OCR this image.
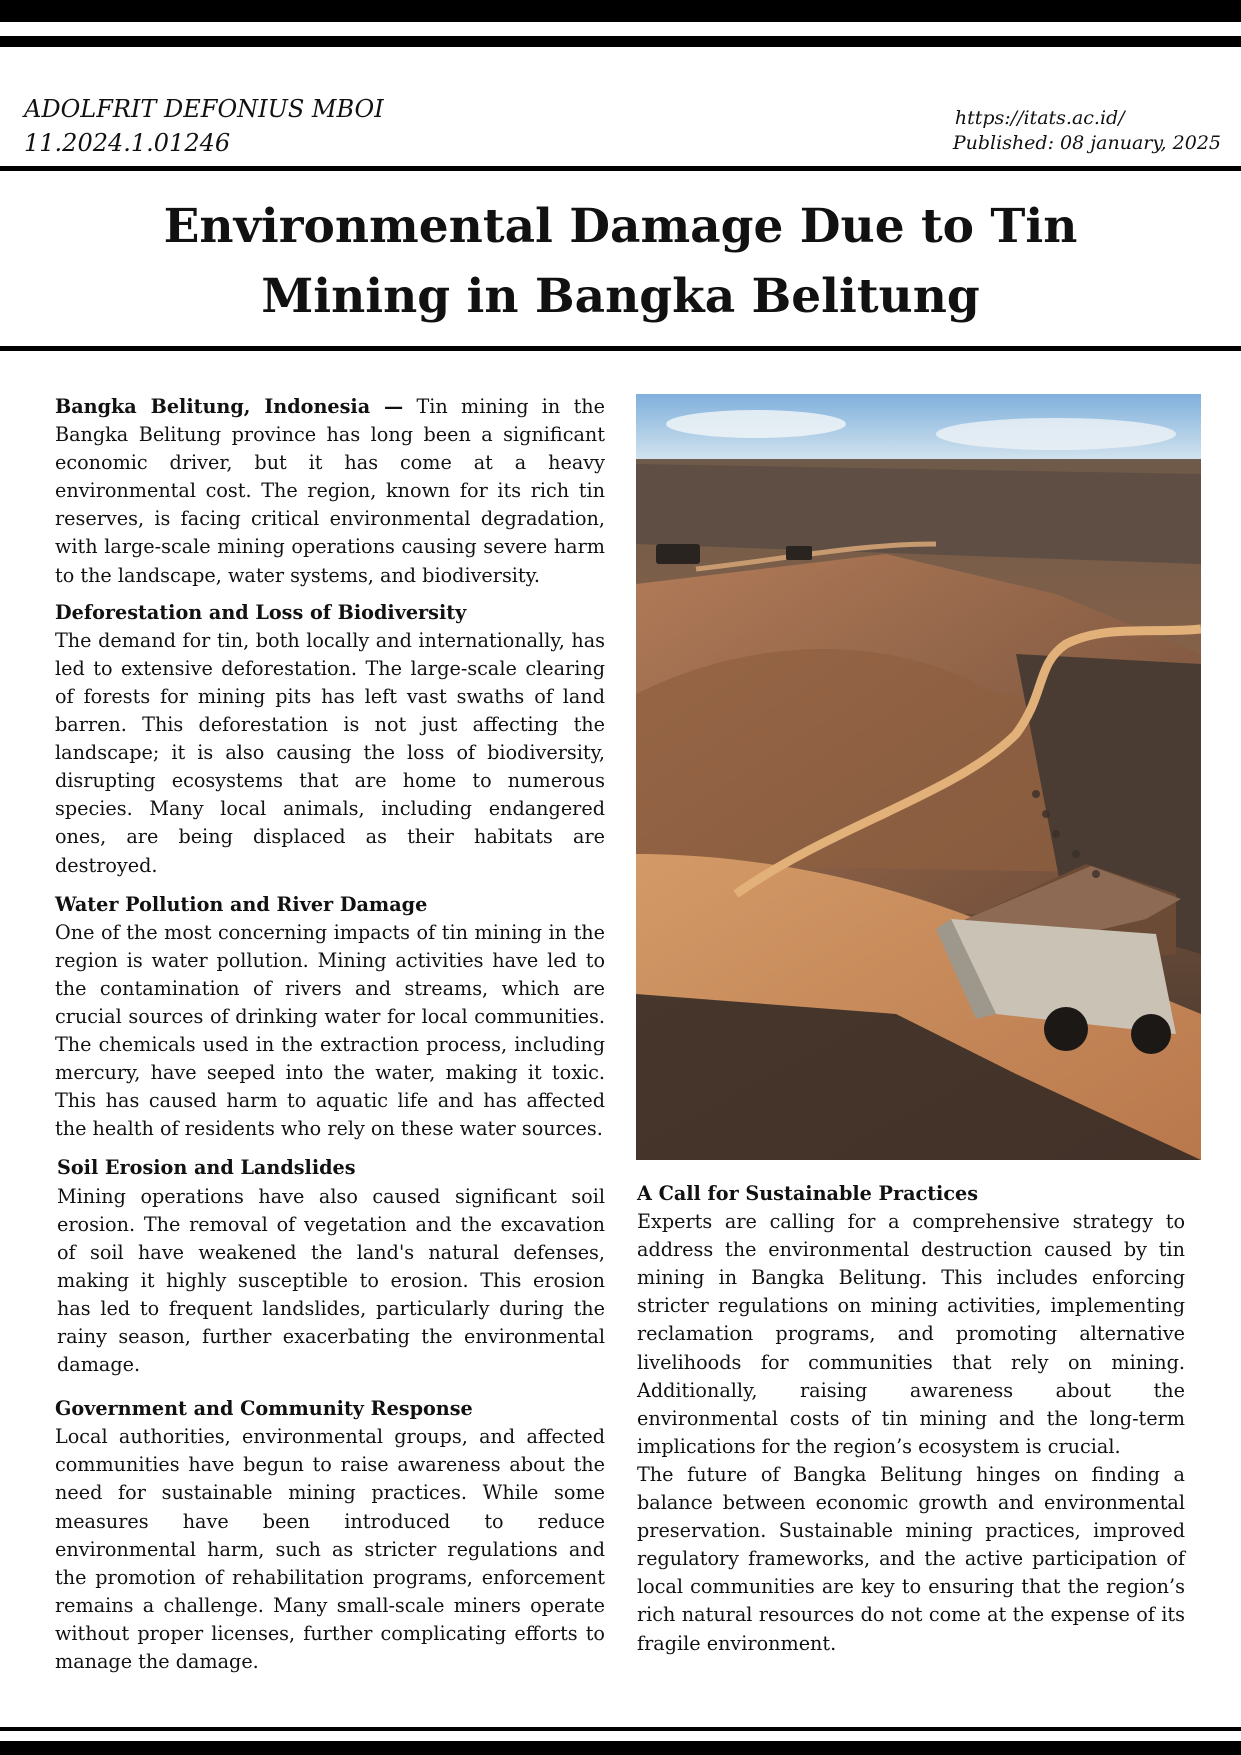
ADOLFRIT DEFONIUS MBOI
11.2024.1.01246
https://itats.ac.id/
Published: 08 january, 2025
Environmental Damage Due to Tin
Mining in Bangka Belitung

Bangka Belitung, Indonesia — Tin mining in the Bangka Belitung province has long been a significant economic driver, but it has come at a heavy environmental cost. The region, known for its rich tin reserves, is facing critical environmental degradation, with large-scale mining operations causing severe harm to the landscape, water systems, and biodiversity.

Deforestation and Loss of Biodiversity

The demand for tin, both locally and internationally, has led to extensive deforestation. The large-scale clearing of forests for mining pits has left vast swaths of land barren. This deforestation is not just affecting the landscape; it is also causing the loss of biodiversity, disrupting ecosystems that are home to numerous species. Many local animals, including endangered ones, are being displaced as their habitats are destroyed.

Water Pollution and River Damage

One of the most concerning impacts of tin mining in the region is water pollution. Mining activities have led to the contamination of rivers and streams, which are crucial sources of drinking water for local communities. The chemicals used in the extraction process, including mercury, have seeped into the water, making it toxic. This has caused harm to aquatic life and has affected the health of residents who rely on these water sources.

Soil Erosion and Landslides

Mining operations have also caused significant soil erosion. The removal of vegetation and the excavation of soil have weakened the land's natural defenses, making it highly susceptible to erosion. This erosion has led to frequent landslides, particularly during the rainy season, further exacerbating the environmental damage.

Government and Community Response

Local authorities, environmental groups, and affected communities have begun to raise awareness about the need for sustainable mining practices. While some measures have been introduced to reduce environmental harm, such as stricter regulations and the promotion of rehabilitation programs, enforcement remains a challenge. Many small-scale miners operate without proper licenses, further complicating efforts to manage the damage.

A Call for Sustainable Practices

Experts are calling for a comprehensive strategy to address the environmental destruction caused by tin mining in Bangka Belitung. This includes enforcing stricter regulations on mining activities, implementing reclamation programs, and promoting alternative livelihoods for communities that rely on mining. Additionally, raising awareness about the environmental costs of tin mining and the long-term implications for the region’s ecosystem is crucial.

The future of Bangka Belitung hinges on finding a balance between economic growth and environmental preservation. Sustainable mining practices, improved regulatory frameworks, and the active participation of local communities are key to ensuring that the region’s rich natural resources do not come at the expense of its fragile environment.
